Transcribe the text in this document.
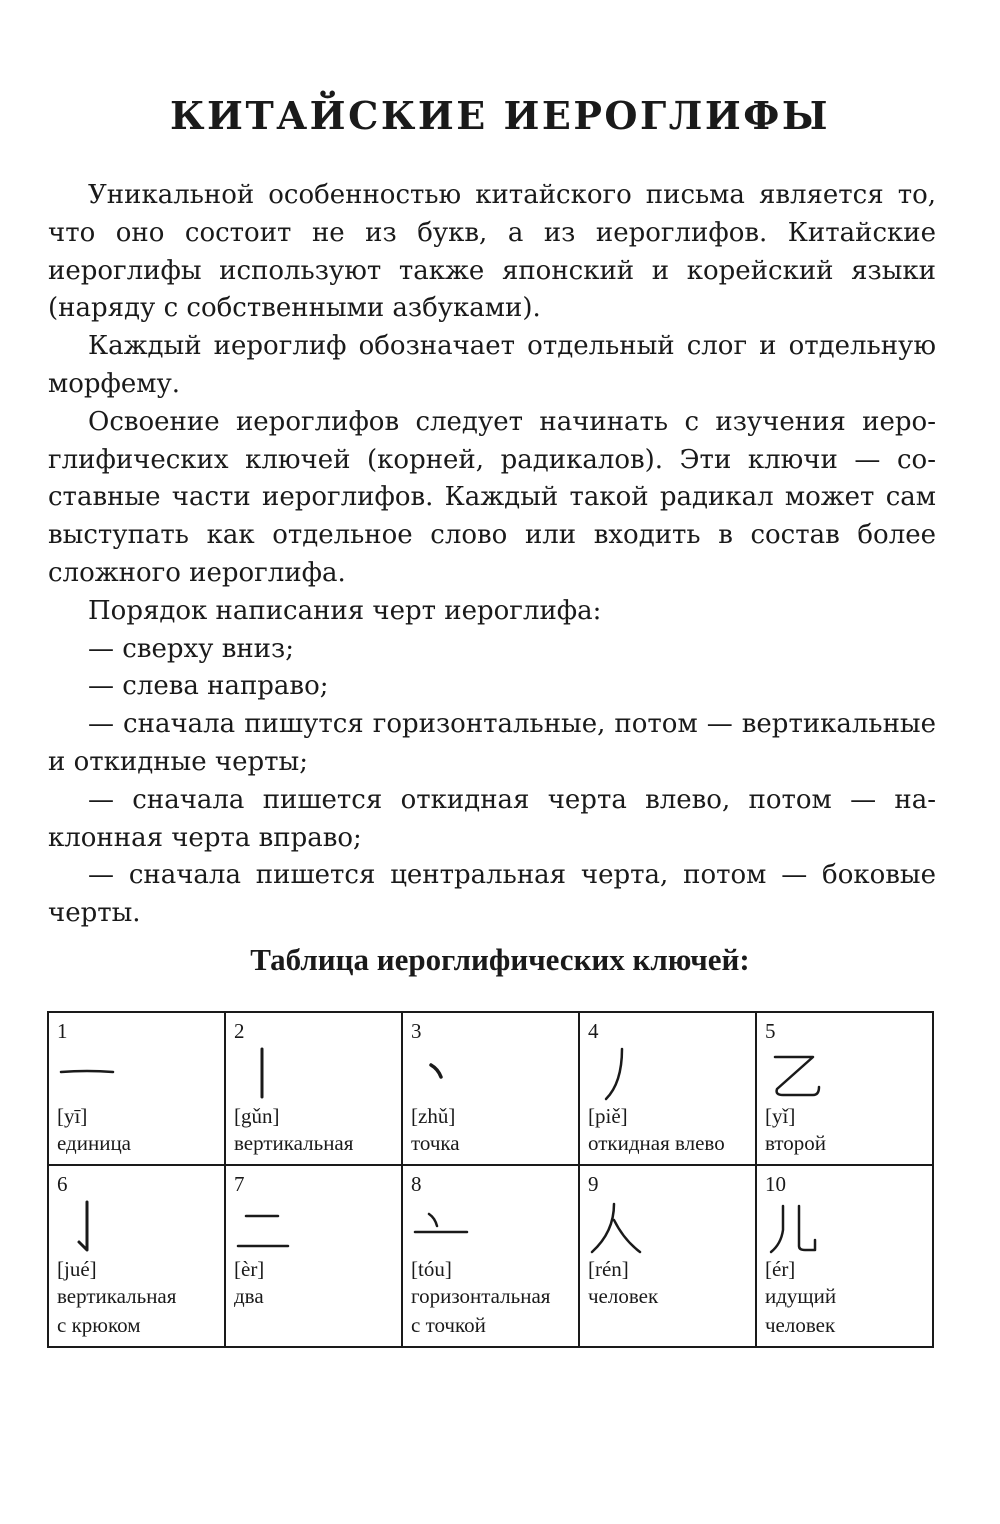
КИТАЙСКИЕ ИЕРОГЛИФЫ

Уникальной особенностью китайского письма является то, что оно состоит не из букв, а из иероглифов. Китайские иероглифы используют также японский и корейский языки (наряду с собственными азбуками).

Каждый иероглиф обозначает отдельный слог и отдельную морфему.

Освоение иероглифов следует начинать с изучения иероглифических ключей (корней, радикалов). Эти ключи — составные части иероглифов. Каждый такой радикал может сам выступать как отдельное слово или входить в состав более сложного иероглифа.

Порядок написания черт иероглифа:

— сверху вниз;

— слева направо;

— сначала пишутся горизонтальные, потом — вертикальные и откидные черты;

— сначала пишется откидная черта влево, потом — наклонная черта вправо;

— сначала пишется центральная черта, потом — боковые черты.

Таблица иероглифических ключей:
1
[yī]
единица	2
[gǔn]
вертикальная	3
[zhǔ]
точка	4
[piě]
откидная влево	5
[yǐ]
второй

6
[jué]
вертикальная
с крюком	7
[èr]
два	8
[tóu]
горизонтальная
с точкой	9
[rén]
человек	10
[ér]
идущий
человек
